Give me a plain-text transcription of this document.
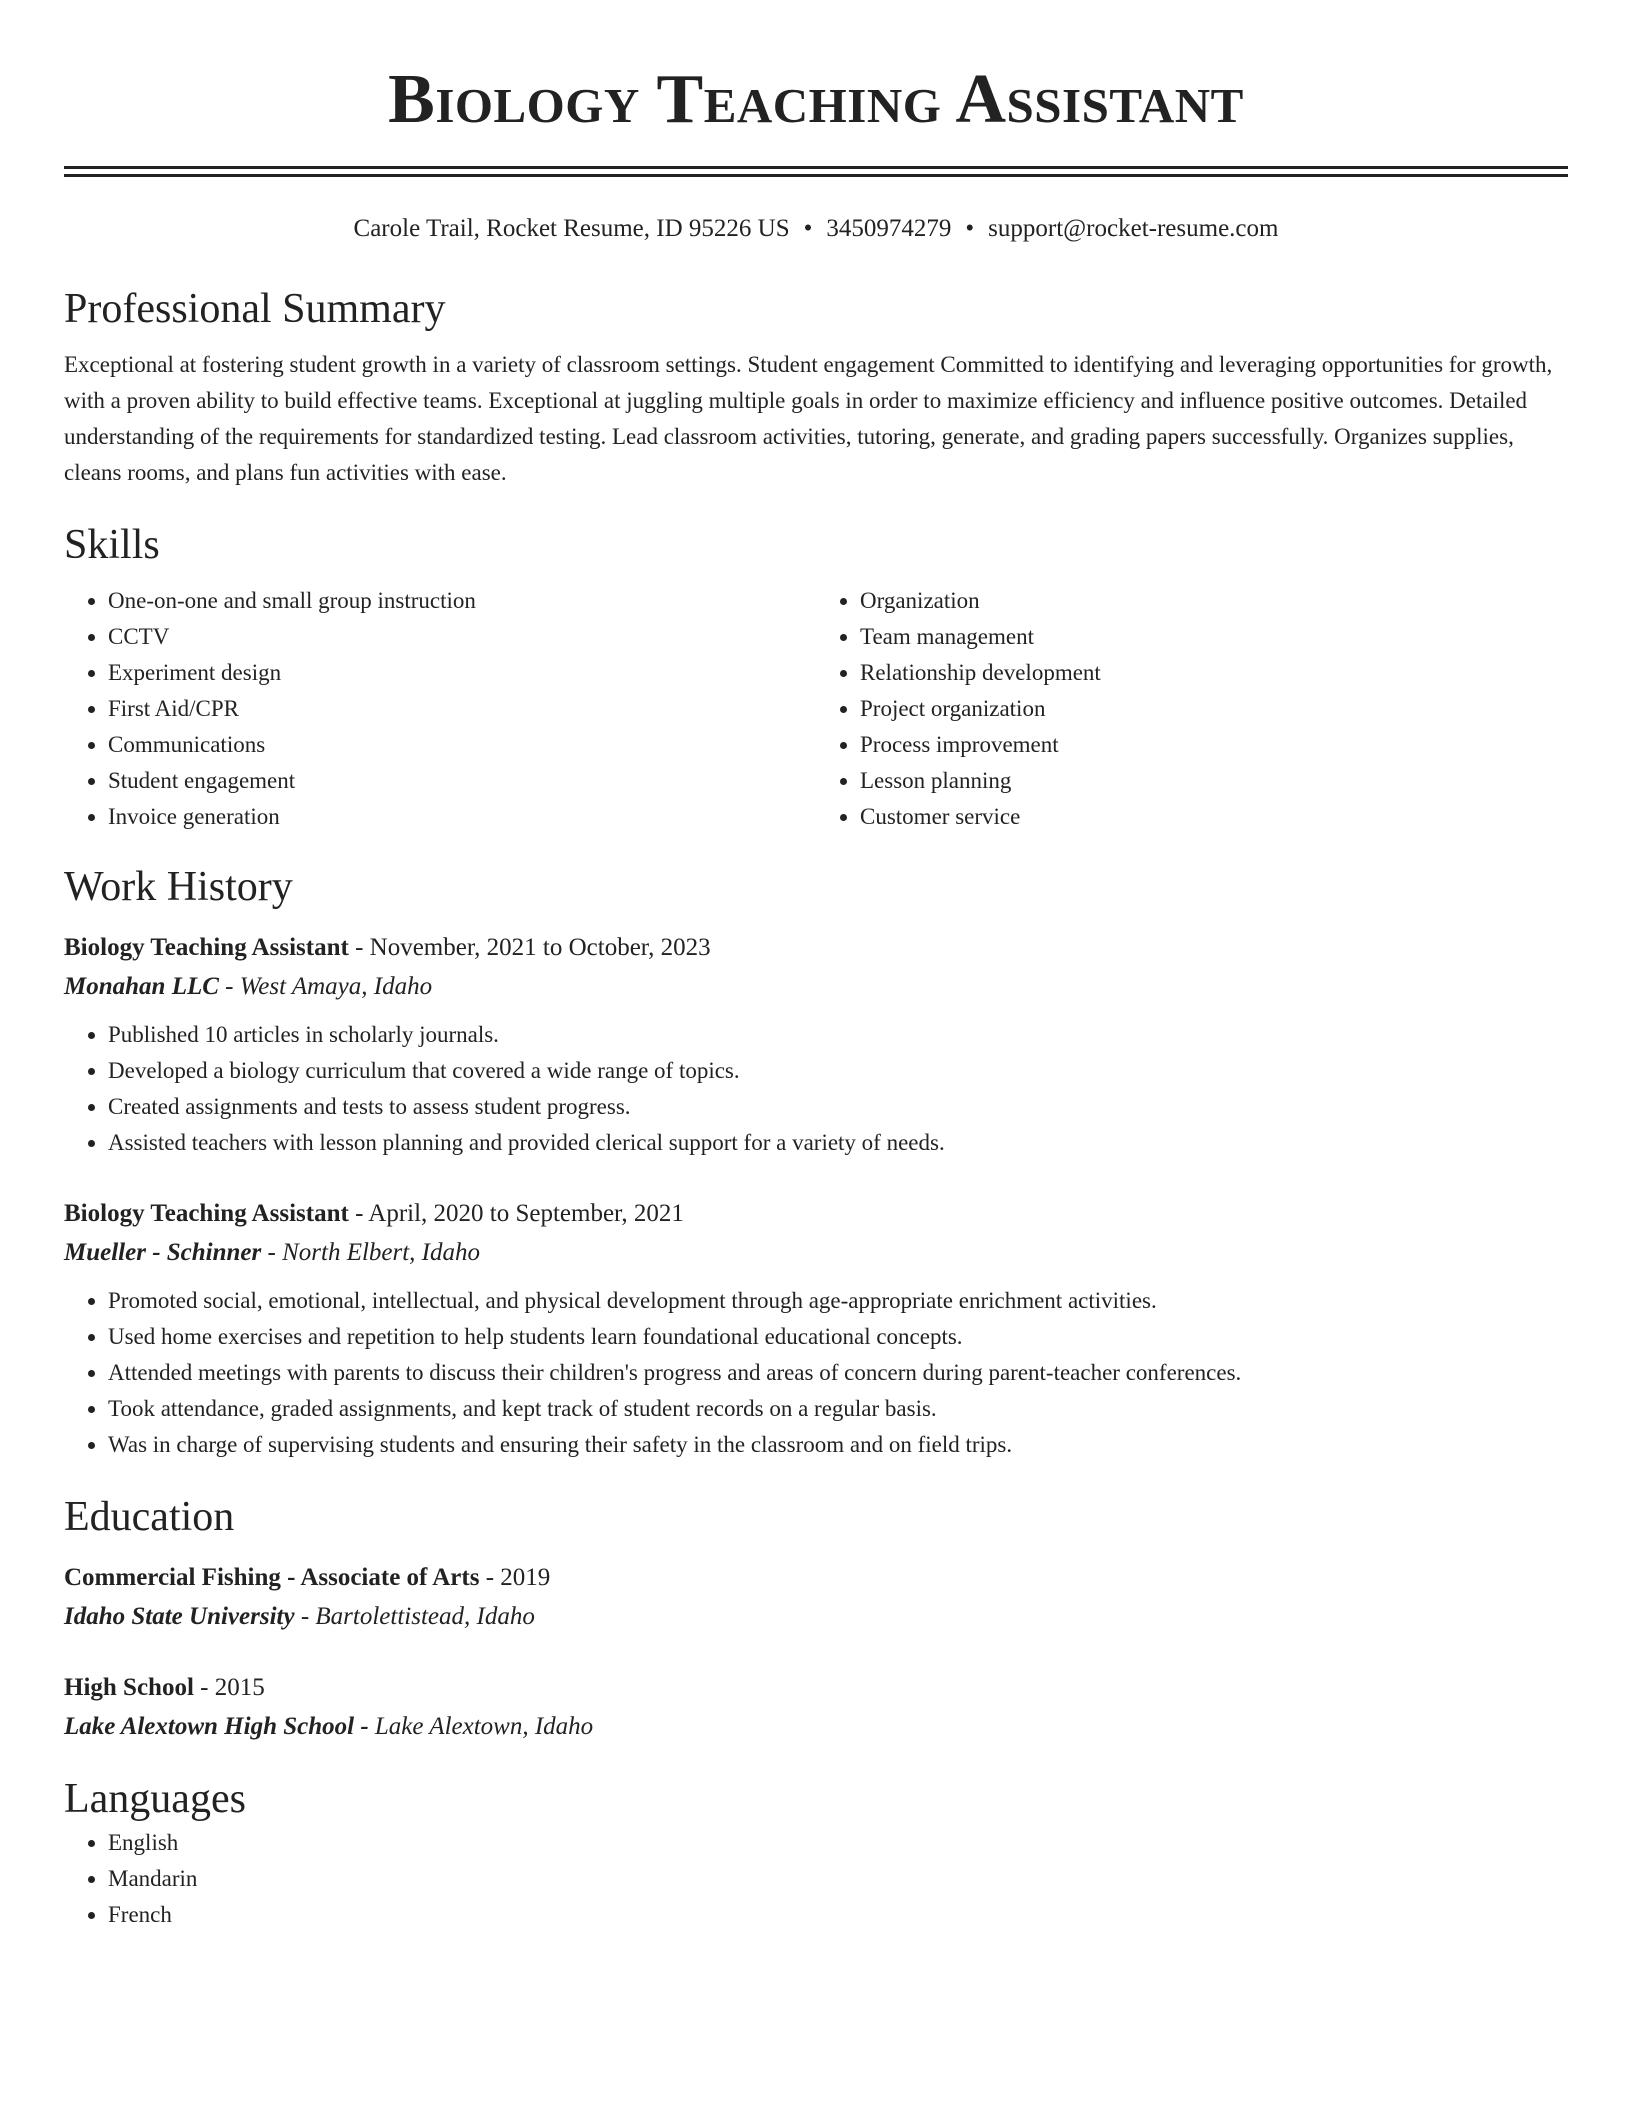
Biology Teaching Assistant
Carole Trail, Rocket Resume, ID 95226 US • 3450974279 • support@rocket-resume.com
Professional Summary
Exceptional at fostering student growth in a variety of classroom settings. Student engagement Committed to identifying and leveraging opportunities for growth, with a proven ability to build effective teams. Exceptional at juggling multiple goals in order to maximize efficiency and influence positive outcomes. Detailed understanding of the requirements for standardized testing. Lead classroom activities, tutoring, generate, and grading papers successfully. Organizes supplies, cleans rooms, and plans fun activities with ease.
Skills
• One-on-one and small group instruction
• CCTV
• Experiment design
• First Aid/CPR
• Communications
• Student engagement
• Invoice generation
• Organization
• Team management
• Relationship development
• Project organization
• Process improvement
• Lesson planning
• Customer service
Work History
Biology Teaching Assistant - November, 2021 to October, 2023
Monahan LLC - West Amaya, Idaho
• Published 10 articles in scholarly journals.
• Developed a biology curriculum that covered a wide range of topics.
• Created assignments and tests to assess student progress.
• Assisted teachers with lesson planning and provided clerical support for a variety of needs.
Biology Teaching Assistant - April, 2020 to September, 2021
Mueller - Schinner - North Elbert, Idaho
• Promoted social, emotional, intellectual, and physical development through age-appropriate enrichment activities.
• Used home exercises and repetition to help students learn foundational educational concepts.
• Attended meetings with parents to discuss their children's progress and areas of concern during parent-teacher conferences.
• Took attendance, graded assignments, and kept track of student records on a regular basis.
• Was in charge of supervising students and ensuring their safety in the classroom and on field trips.
Education
Commercial Fishing - Associate of Arts - 2019
Idaho State University - Bartolettistead, Idaho
High School - 2015
Lake Alextown High School - Lake Alextown, Idaho
Languages
• English
• Mandarin
• French
